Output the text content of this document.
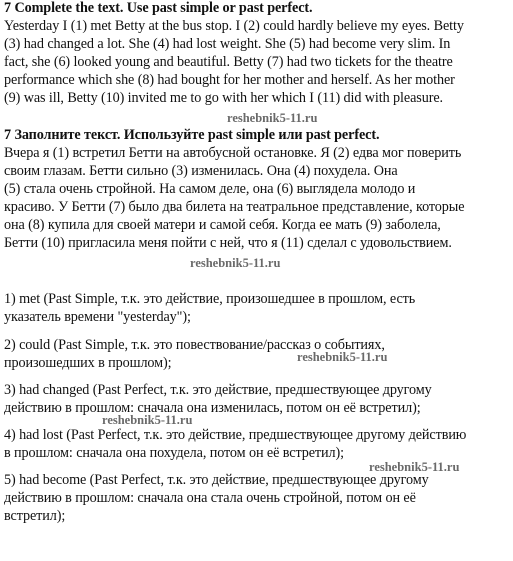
7 Complete the text. Use past simple or past perfect.
Yesterday I (1) met Betty at the bus stop. I (2) could hardly believe my eyes. Betty
(3) had changed a lot. She (4) had lost weight. She (5) had become very slim. In
fact, she (6) looked young and beautiful. Betty (7) had two tickets for the theatre
performance which she (8) had bought for her mother and herself. As her mother
(9) was ill, Betty (10) invited me to go with her which I (11) did with pleasure.
reshebnik5-11.ru
7 Заполните текст. Используйте past simple или past perfect.
Вчера я (1) встретил Бетти на автобусной остановке. Я (2) едва мог поверить
своим глазам. Бетти сильно (3) изменилась. Она (4) похудела. Она
(5) стала очень стройной. На самом деле, она (6) выглядела молодо и
красиво. У Бетти (7) было два билета на театральное представление, которые
она (8) купила для своей матери и самой себя. Когда ее мать (9) заболела,
Бетти (10) пригласила меня пойти с ней, что я (11) сделал с удовольствием.
reshebnik5-11.ru
1) met (Past Simple, т.к. это действие, произошедшее в прошлом, есть
указатель времени "yesterday");
2) could (Past Simple, т.к. это повествование/рассказ о событиях,
произошедших в прошлом);	reshebnik5-11.ru
3) had changed (Past Perfect, т.к. это действие, предшествующее другому
действию в прошлом: сначала она изменилась, потом он её встретил);
reshebnik5-11.ru
4) had lost (Past Perfect, т.к. это действие, предшествующее другому действию
в прошлом: сначала она похудела, потом он её встретил);
reshebnik5-11.ru
5) had become (Past Perfect, т.к. это действие, предшествующее другому
действию в прошлом: сначала она стала очень стройной, потом он её
встретил);
